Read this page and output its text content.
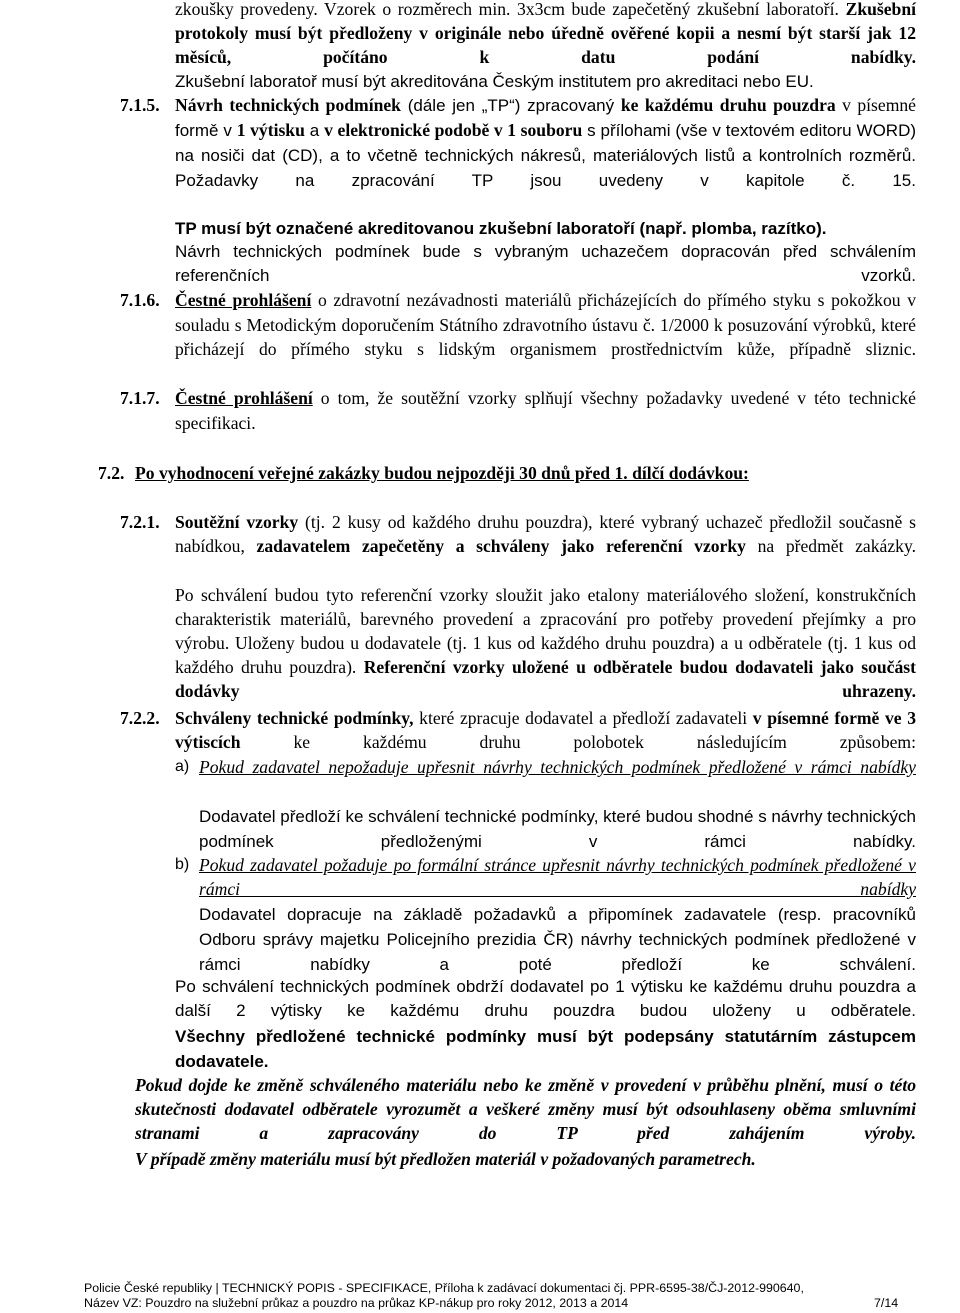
zkoušky provedeny. Vzorek o rozměrech min. 3x3cm bude zapečetěný zkušební laboratoří. Zkušební protokoly musí být předloženy v originále nebo úředně ověřené kopii a nesmí být starší jak 12 měsíců, počítáno k datu podání nabídky.
Zkušební laboratoř musí být akreditována Českým institutem pro akreditaci nebo EU.
7.1.5. Návrh technických podmínek (dále jen „TP“) zpracovaný ke každému druhu pouzdra v písemné formě v 1 výtisku a v elektronické podobě v 1 souboru s přílohami (vše v textovém editoru WORD) na nosiči dat (CD), a to včetně technických nákresů, materiálových listů a kontrolních rozměrů. Požadavky na zpracování TP jsou uvedeny v kapitole č. 15.
TP musí být označené akreditovanou zkušební laboratoří (např. plomba, razítko).
Návrh technických podmínek bude s vybraným uchazečem dopracován před schválením referenčních vzorků.
7.1.6. Čestné prohlášení o zdravotní nezávadnosti materiálů přicházejících do přímého styku s pokožkou v souladu s Metodickým doporučením Státního zdravotního ústavu č. 1/2000 k posuzování výrobků, které přicházejí do přímého styku s lidským organismem prostřednictvím kůže, případně sliznic.
7.1.7. Čestné prohlášení o tom, že soutěžní vzorky splňují všechny požadavky uvedené v této technické specifikaci.
7.2. Po vyhodnocení veřejné zakázky budou nejpozději 30 dnů před 1. dílčí dodávkou:
7.2.1. Soutěžní vzorky (tj. 2 kusy od každého druhu pouzdra), které vybraný uchazeč předložil současně s nabídkou, zadavatelem zapečetěny a schváleny jako referenční vzorky na předmět zakázky.
Po schválení budou tyto referenční vzorky sloužit jako etalony materiálového složení, konstrukčních charakteristik materiálů, barevného provedení a zpracování pro potřeby provedení přejímky a pro výrobu. Uloženy budou u dodavatele (tj. 1 kus od každého druhu pouzdra) a u odběratele (tj. 1 kus od každého druhu pouzdra). Referenční vzorky uložené u odběratele budou dodavateli jako součást dodávky uhrazeny.
7.2.2. Schváleny technické podmínky, které zpracuje dodavatel a předloží zadavateli v písemné formě ve 3 výtiscích ke každému druhu polobotek následujícím způsobem:
a) Pokud zadavatel nepožaduje upřesnit návrhy technických podmínek předložené v rámci nabídky
Dodavatel předloží ke schválení technické podmínky, které budou shodné s návrhy technických podmínek předloženými v rámci nabídky.
b) Pokud zadavatel požaduje po formální stránce upřesnit návrhy technických podmínek předložené v rámci nabídky
Dodavatel dopracuje na základě požadavků a připomínek zadavatele (resp. pracovníků Odboru správy majetku Policejního prezidia ČR) návrhy technických podmínek předložené v rámci nabídky a poté předloží ke schválení.
Po schválení technických podmínek obdrží dodavatel po 1 výtisku ke každému druhu pouzdra a další 2 výtisky ke každému druhu pouzdra budou uloženy u odběratele.
Všechny předložené technické podmínky musí být podepsány statutárním zástupcem dodavatele.
Pokud dojde ke změně schváleného materiálu nebo ke změně v provedení v průběhu plnění, musí o této skutečnosti dodavatel odběratele vyrozumět a veškeré změny musí být odsouhlaseny oběma smluvními stranami a zapracovány do TP před zahájením výroby.
V případě změny materiálu musí být předložen materiál v požadovaných parametrech.
Policie České republiky | TECHNICKÝ POPIS - SPECIFIKACE, Příloha k zadávací dokumentaci čj. PPR-6595-38/ČJ-2012-990640,
Název VZ: Pouzdro na služební průkaz a pouzdro na průkaz KP-nákup pro roky 2012, 2013 a 2014	7/14
